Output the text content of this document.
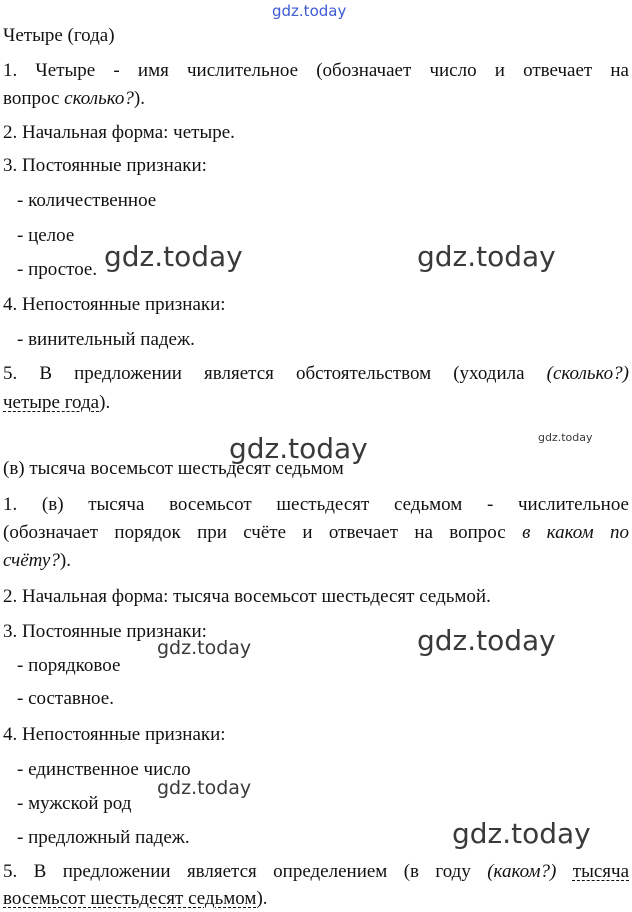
gdz.today
gdz.today	gdz.today
gdz.today	gdz.today
gdz.today
gdz.today
gdz.today
gdz.today
Четыре (года)
1. Четыре - имя числительное (обозначает число и отвечает на
вопрос сколько?).
2. Начальная форма: четыре.
3. Постоянные признаки:
- количественное
- целое
- простое.
4. Непостоянные признаки:
- винительный падеж.
5. В предложении является обстоятельством (уходила (сколько?)
четыре года).
(в) тысяча восемьсот шестьдесят седьмом
1. (в) тысяча восемьсот шестьдесят седьмом - числительное
(обозначает порядок при счёте и отвечает на вопрос в каком по
счёту?).
2. Начальная форма: тысяча восемьсот шестьдесят седьмой.
3. Постоянные признаки:
- порядковое
- составное.
4. Непостоянные признаки:
- единственное число
- мужской род
- предложный падеж.
5. В предложении является определением (в году (каком?) тысяча
восемьсот шестьдесят седьмом).
